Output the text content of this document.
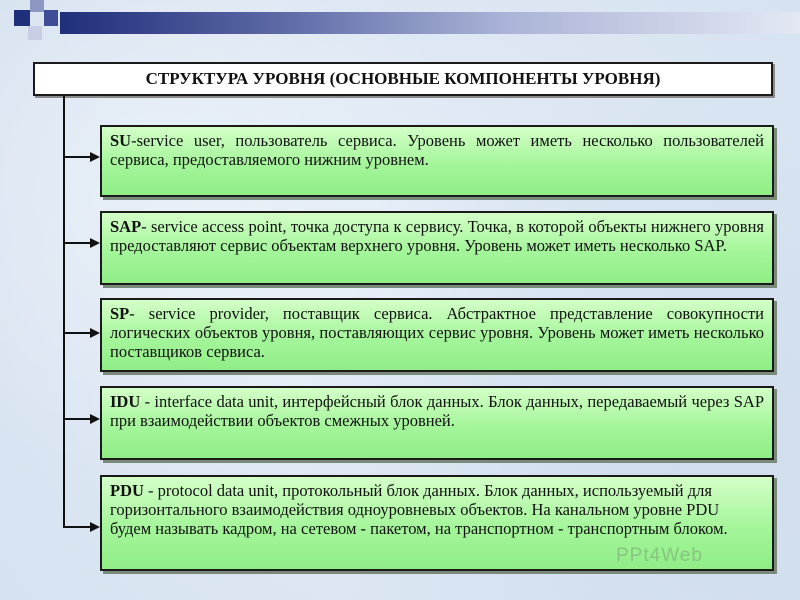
СТРУКТУРА УРОВНЯ (ОСНОВНЫЕ КОМПОНЕНТЫ УРОВНЯ)
SU-service user, пользователь сервиса. Уровень может иметь несколько пользователей сервиса, предоставляемого нижним уровнем.
SAP- service access point, точка доступа к сервису. Точка, в которой объекты нижнего уровня предоставляют сервис объектам верхнего уровня. Уровень может иметь несколько SAP.
SP- service provider, поставщик сервиса. Абстрактное представление совокупности логических объектов уровня, поставляющих сервис уровня. Уровень может иметь несколько поставщиков сервиса.
IDU - interface data unit, интерфейсный блок данных. Блок данных, передаваемый через SAP при взаимодействии объектов смежных уровней.
PDU - protocol data unit, протокольный блок данных. Блок данных, используемый для горизонтального взаимодействия одноуровневых объектов. На канальном уровне PDU будем называть кадром, на сетевом - пакетом, на транспортном - транспортным блоком.
PPt4Web
